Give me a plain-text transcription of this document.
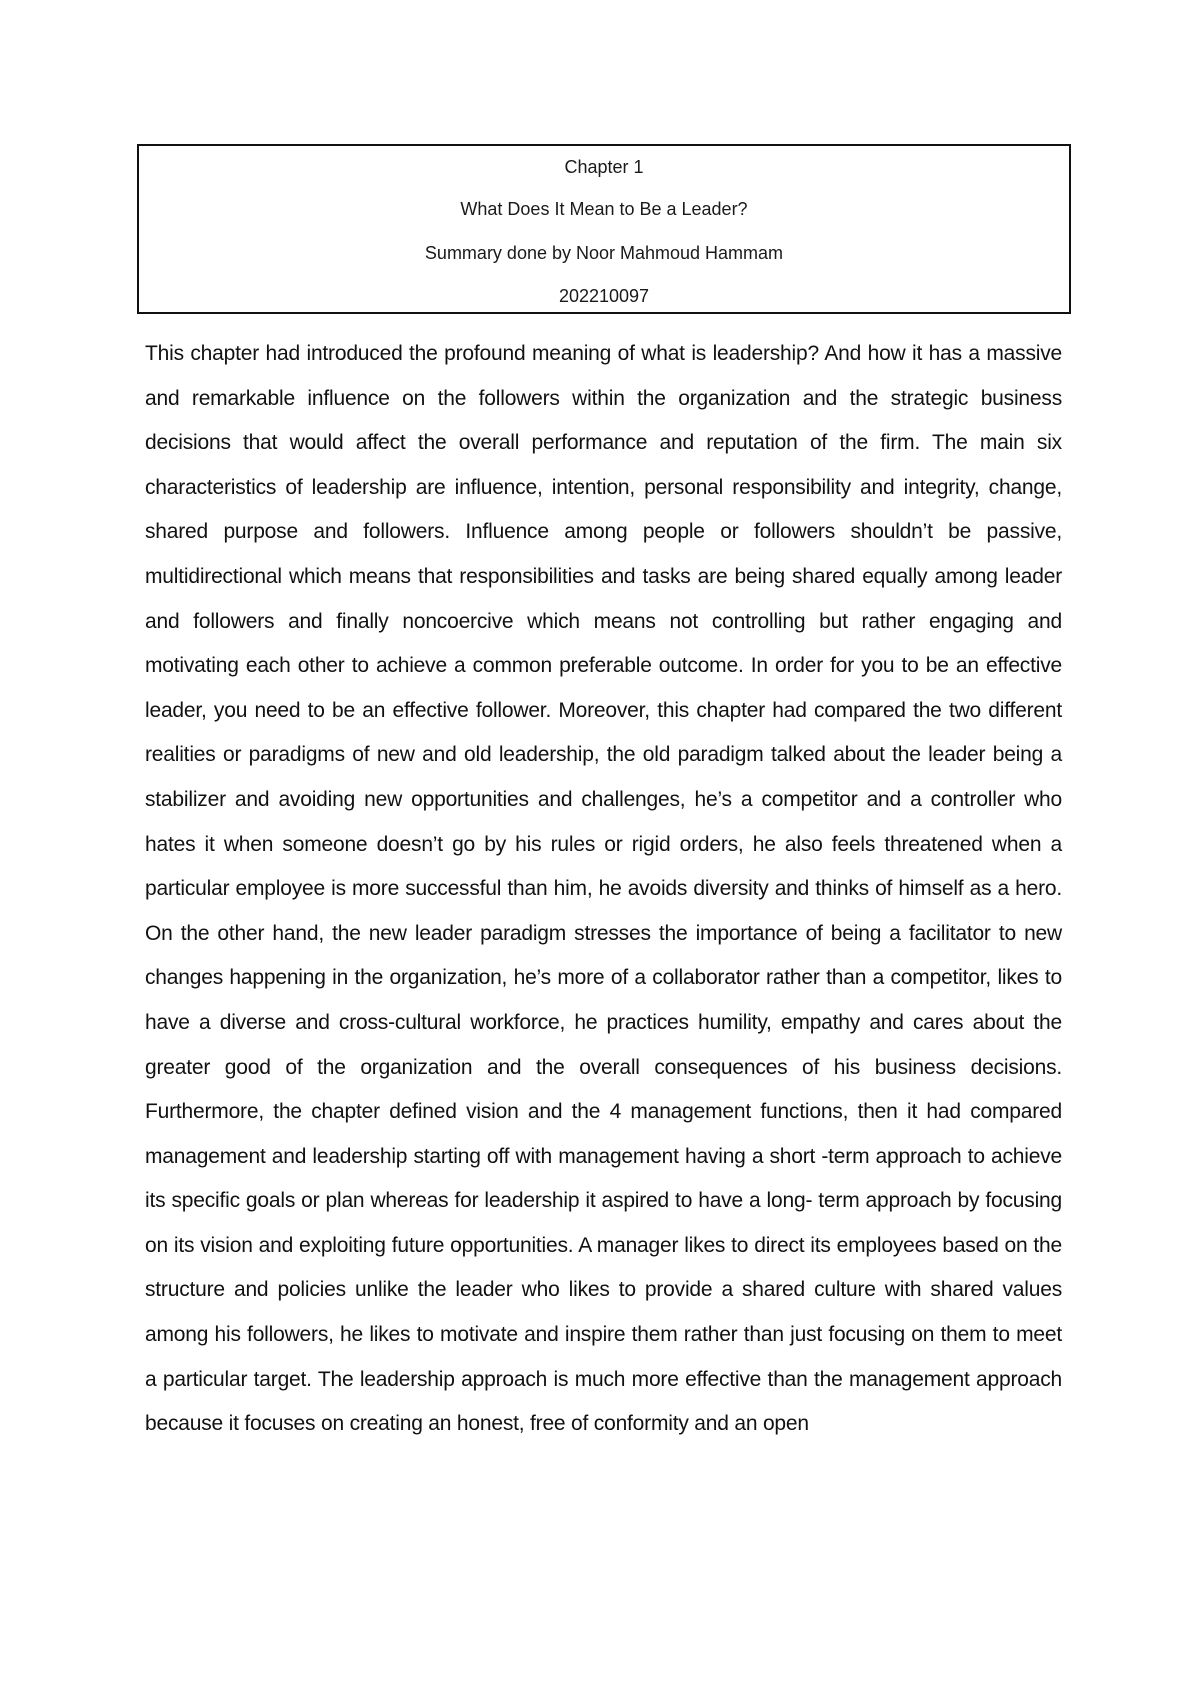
Chapter 1
What Does It Mean to Be a Leader?
Summary done by Noor Mahmoud Hammam
202210097

This chapter had introduced the profound meaning of what is leadership? And how it has a massive and remarkable influence on the followers within the organization and the strategic business decisions that would affect the overall performance and reputation of the firm. The main six characteristics of leadership are influence, intention, personal responsibility and integrity, change, shared purpose and followers. Influence among people or followers shouldn’t be passive, multidirectional which means that responsibilities and tasks are being shared equally among leader and followers and finally noncoercive which means not controlling but rather engaging and motivating each other to achieve a common preferable outcome. In order for you to be an effective leader, you need to be an effective follower. Moreover, this chapter had compared the two different realities or paradigms of new and old leadership, the old paradigm talked about the leader being a stabilizer and avoiding new opportunities and challenges, he’s a competitor and a controller who hates it when someone doesn’t go by his rules or rigid orders, he also feels threatened when a particular employee is more successful than him, he avoids diversity and thinks of himself as a hero. On the other hand, the new leader paradigm stresses the importance of being a facilitator to new changes happening in the organization, he’s more of a collaborator rather than a competitor, likes to have a diverse and cross-cultural workforce, he practices humility, empathy and cares about the greater good of the organization and the overall consequences of his business decisions. Furthermore, the chapter defined vision and the 4 management functions, then it had compared management and leadership starting off with management having a short -term approach to achieve its specific goals or plan whereas for leadership it aspired to have a long- term approach by focusing on its vision and exploiting future opportunities. A manager likes to direct its employees based on the structure and policies unlike the leader who likes to provide a shared culture with shared values among his followers, he likes to motivate and inspire them rather than just focusing on them to meet a particular target. The leadership approach is much more effective than the management approach because it focuses on creating an honest, free of conformity and an open
